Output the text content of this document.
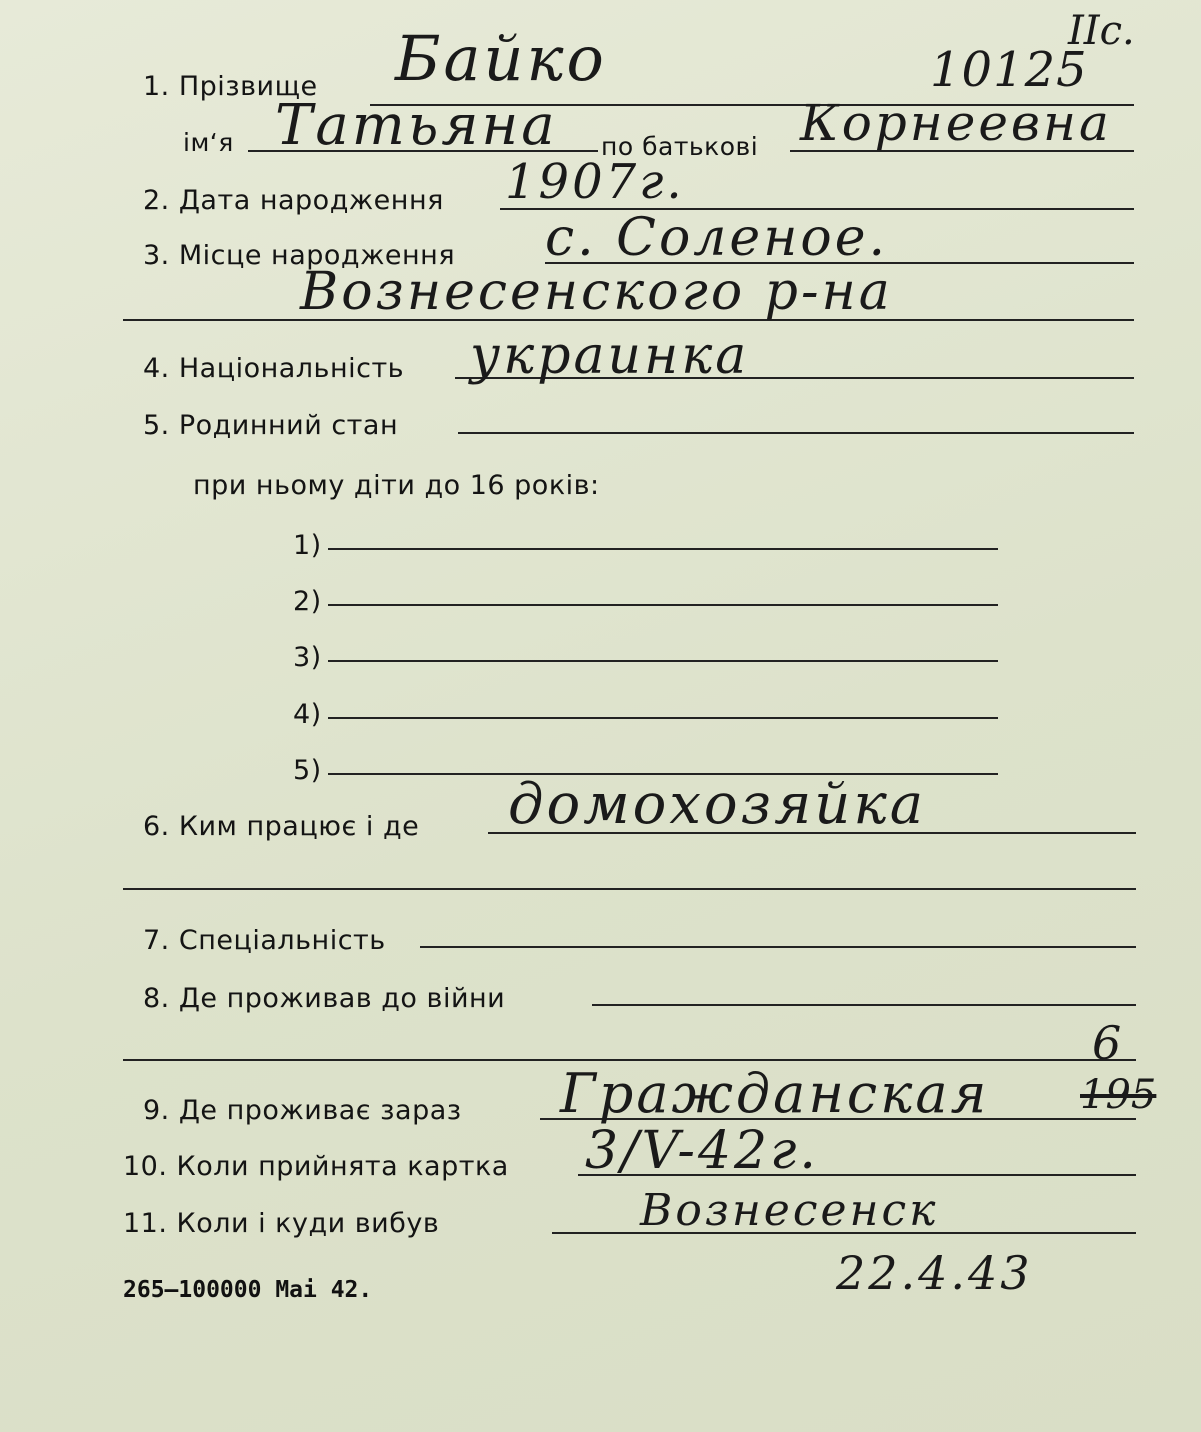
1. Прізвище Байко	10125
ІІс.
ім‘я	по батькові
Татьяна	Корнеевна
2. Дата народження 1907г.
3. Місце народження с. Соленое.
Вознесенского р-на
4. Національність украинка
5. Родинний стан
при ньому діти до 16 років:
1)
2)
3)
4)
5)
6. Ким працює і де домохозяйка
7. Спеціальність
8. Де проживав до війни
6
9. Де проживає зараз Гражданская 195
10. Коли прийнята картка 3/V-42г.
11. Коли і куди вибув	Вознесенск
22.4.43
265–100000 Маі 42.
